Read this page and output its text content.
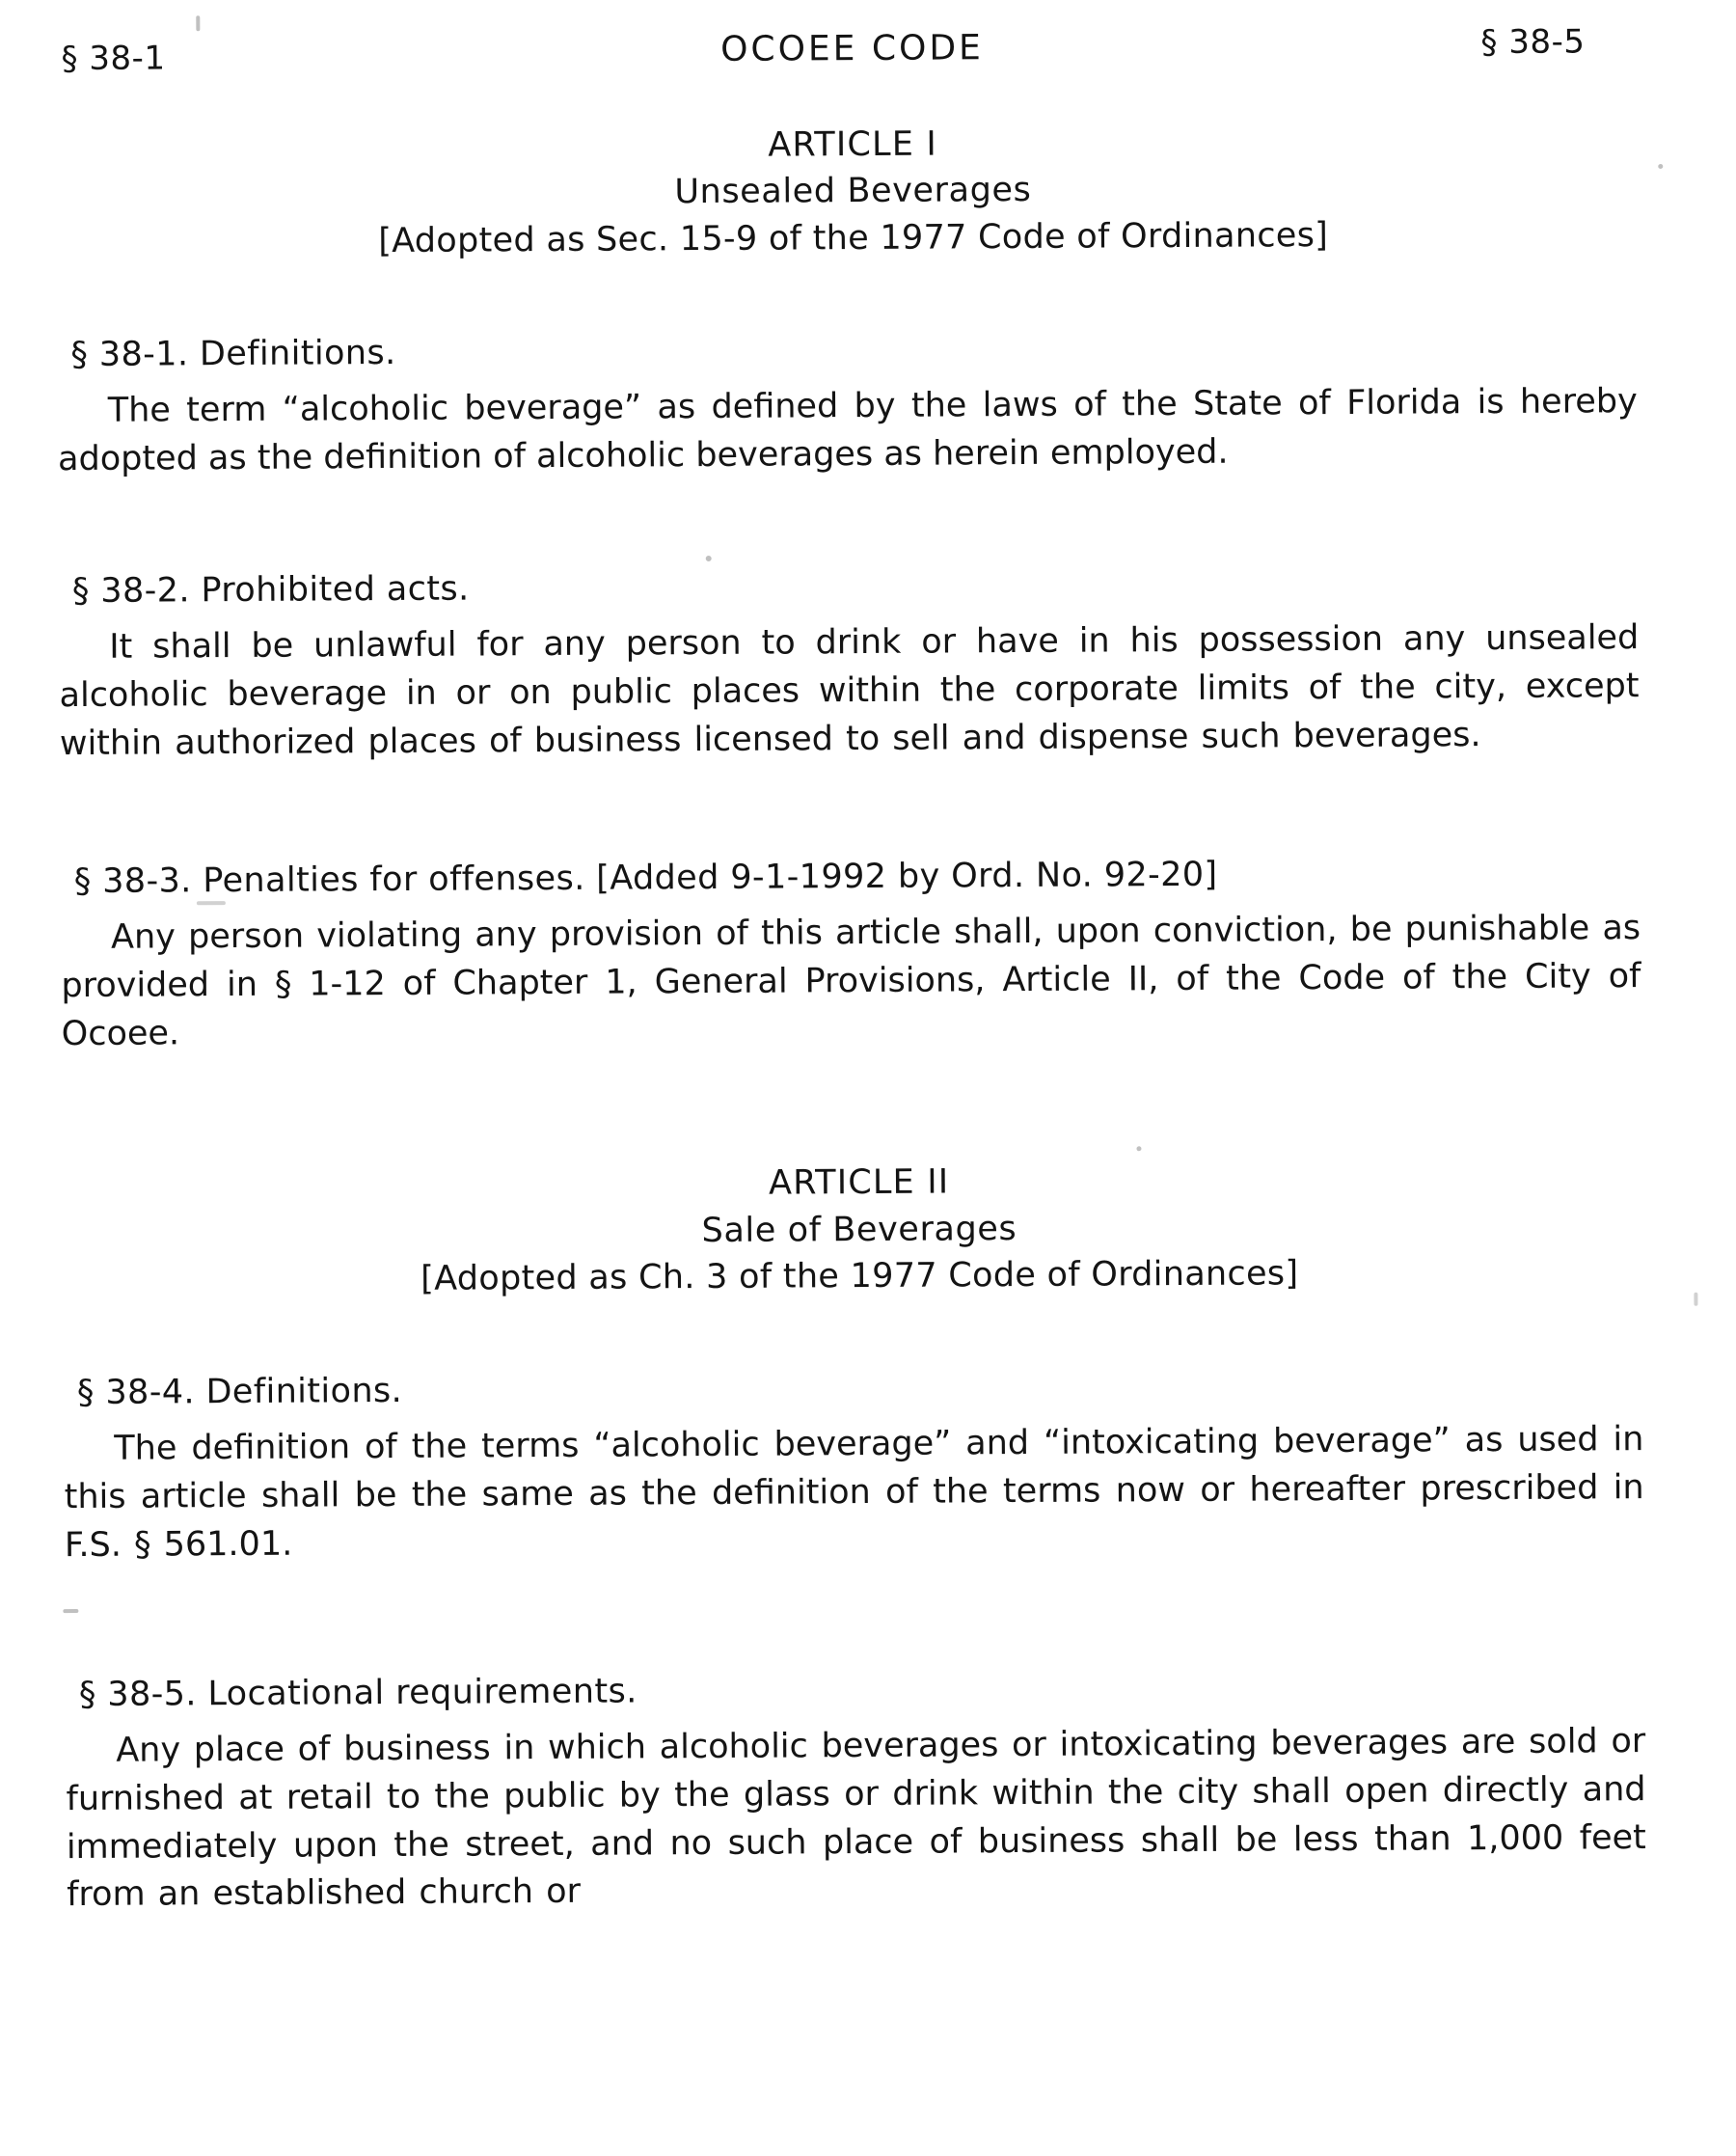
§ 38-1	OCOEE CODE	§ 38-5
ARTICLE I
Unsealed Beverages
[Adopted as Sec. 15-9 of the 1977 Code of Ordinances]
§ 38-1. Definitions.
The term “alcoholic beverage” as defined by the laws of the State of Florida is hereby adopted as the definition of alcoholic beverages as herein employed.
§ 38-2. Prohibited acts.
It shall be unlawful for any person to drink or have in his possession any unsealed alcoholic beverage in or on public places within the corporate limits of the city, except within authorized places of business licensed to sell and dispense such beverages.
§ 38-3. Penalties for offenses. [Added 9-1-1992 by Ord. No. 92-20]
Any person violating any provision of this article shall, upon conviction, be punishable as provided in § 1-12 of Chapter 1, General Provisions, Article II, of the Code of the City of Ocoee.
ARTICLE II
Sale of Beverages
[Adopted as Ch. 3 of the 1977 Code of Ordinances]
§ 38-4. Definitions.
The definition of the terms “alcoholic beverage” and “intoxicating beverage” as used in this article shall be the same as the definition of the terms now or hereafter prescribed in F.S. § 561.01.
§ 38-5. Locational requirements.
Any place of business in which alcoholic beverages or intoxicating beverages are sold or furnished at retail to the public by the glass or drink within the city shall open directly and immediately upon the street, and no such place of business shall be less than 1,000 feet from an established church or
